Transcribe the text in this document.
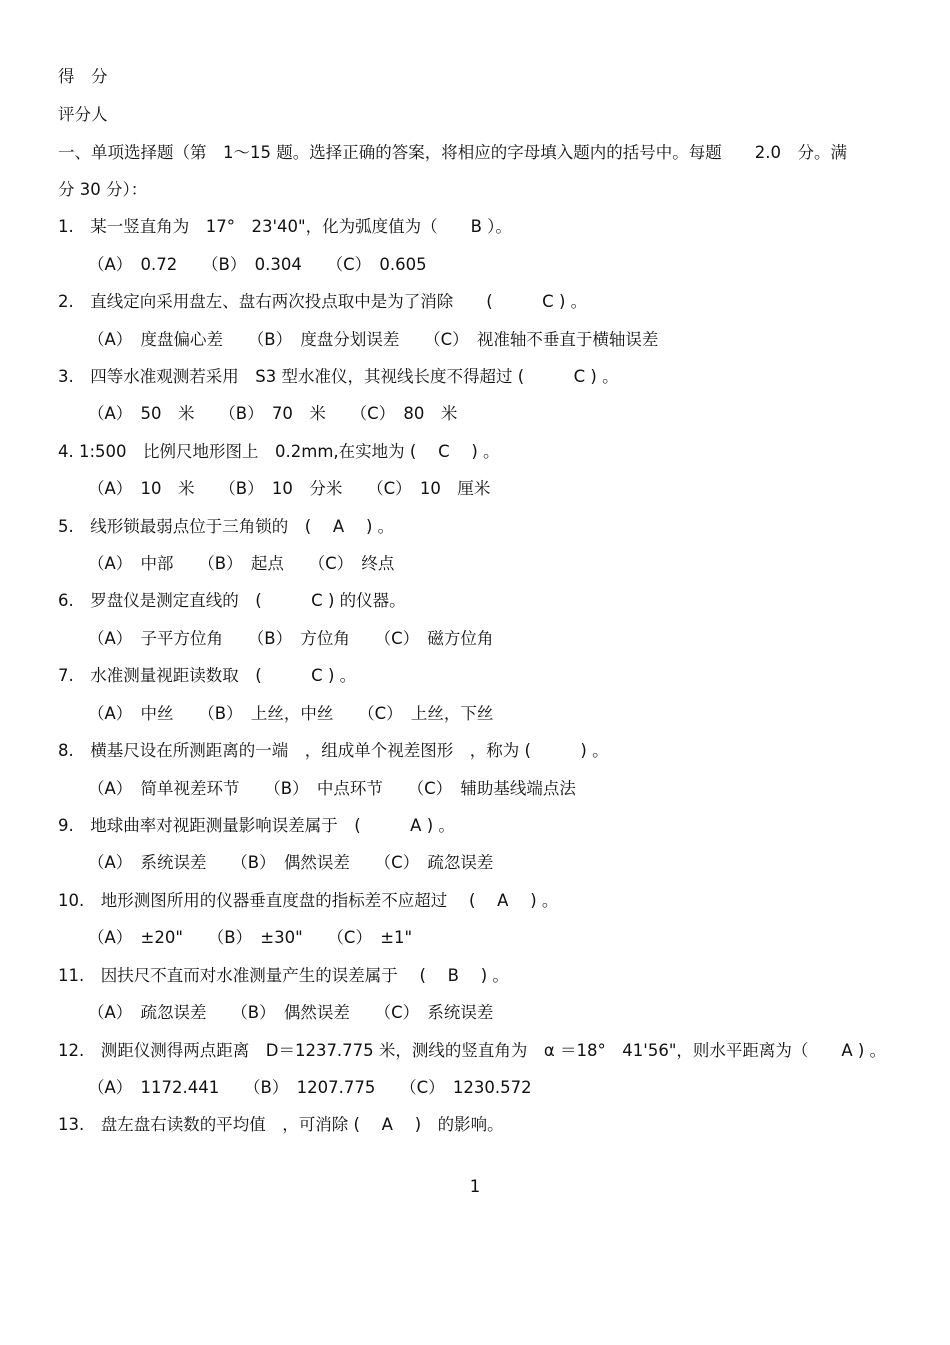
得　分
评分人
一、单项选择题（第　1～15 题。选择正确的答案，将相应的字母填入题内的括号中。每题　　2.0　分。满
分 30 分）：
1.　某一竖直角为　17°　23'40"，化为弧度值为（　　B ）。
（A）　0.72　　（B）　0.304　　（C）　0.605
2.　直线定向采用盘左、盘右两次投点取中是为了消除　　(　　　C ) 。
（A）　度盘偏心差　　（B）　度盘分划误差　　（C）　视准轴不垂直于横轴误差
3.　四等水准观测若采用　S3 型水准仪，其视线长度不得超过 (　　　C ) 。
（A）　50　米　　（B）　70　米　　（C）　80　米
4. 1:500　比例尺地形图上　0.2mm,在实地为 (　 C　 ) 。
（A）　10　米　　（B）　10　分米　　（C）　10　厘米
5.　线形锁最弱点位于三角锁的　(　 A　 ) 。
（A）　中部　　（B）　起点　　（C）　终点
6.　罗盘仪是测定直线的　(　　　C ) 的仪器。
（A）　子平方位角　　（B）　方位角　　（C）　磁方位角
7.　水准测量视距读数取　(　　　C ) 。
（A）　中丝　　（B）　上丝，中丝　　（C）　上丝，下丝
8.　横基尺设在所测距离的一端　，组成单个视差图形　，称为 (　　　) 。
（A）　简单视差环节　　（B）　中点环节　　（C）　辅助基线端点法
9.　地球曲率对视距测量影响误差属于　(　　　A ) 。
（A）　系统误差　　（B）　偶然误差　　（C）　疏忽误差
10.　地形测图所用的仪器垂直度盘的指标差不应超过　 (　 A　 ) 。
（A）　±20"　　（B）　±30"　　（C）　±1"
11.　因扶尺不直而对水准测量产生的误差属于　 (　 B　 ) 。
（A）　疏忽误差　　（B）　偶然误差　　（C）　系统误差
12.　测距仪测得两点距离　D＝1237.775 米，测线的竖直角为　α ＝18°　41'56"，则水平距离为（　　A ) 。
（A）　1172.441　　（B）　1207.775　　（C）　1230.572
13.　盘左盘右读数的平均值　，可消除 (　 A　 )　的影响。
1
